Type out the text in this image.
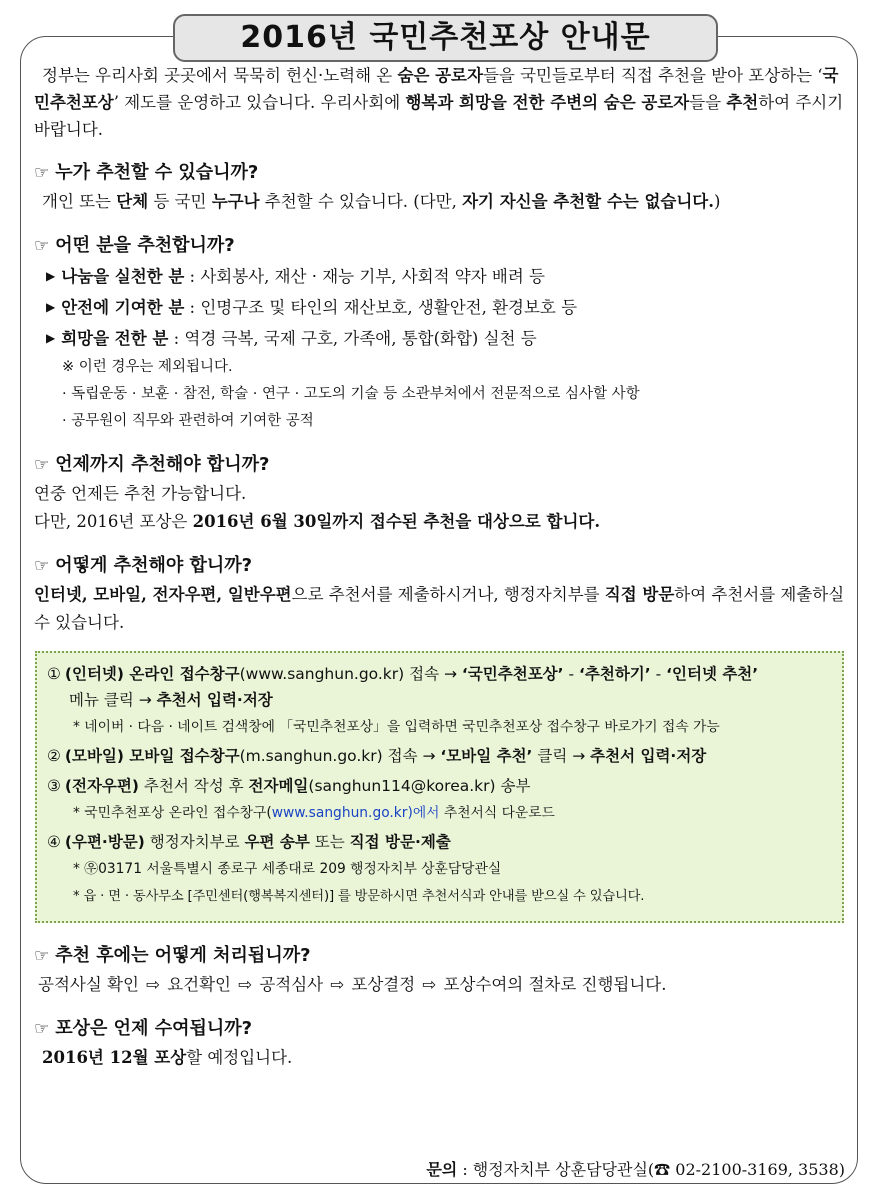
2016년 국민추천포상 안내문

정부는 우리사회 곳곳에서 묵묵히 헌신·노력해 온 숨은 공로자들을 국민들로부터 직접 추천을 받아 포상하는 ‘국민추천포상’ 제도를 운영하고 있습니다. 우리사회에 행복과 희망을 전한 주변의 숨은 공로자들을 추천하여 주시기 바랍니다.

☞ 누가 추천할 수 있습니까?

개인 또는 단체 등 국민 누구나 추천할 수 있습니다. (다만, 자기 자신을 추천할 수는 없습니다.)

☞ 어떤 분을 추천합니까?
▶ 나눔을 실천한 분 : 사회봉사, 재산 · 재능 기부, 사회적 약자 배려 등
▶ 안전에 기여한 분 : 인명구조 및 타인의 재산보호, 생활안전, 환경보호 등
▶ 희망을 전한 분 : 역경 극복, 국제 구호, 가족애, 통합(화합) 실천 등
※ 이런 경우는 제외됩니다.
· 독립운동 · 보훈 · 참전, 학술 · 연구 · 고도의 기술 등 소관부처에서 전문적으로 심사할 사항
· 공무원이 직무와 관련하여 기여한 공적
☞ 언제까지 추천해야 합니까?

연중 언제든 추천 가능합니다.

다만, 2016년 포상은 2016년 6월 30일까지 접수된 추천을 대상으로 합니다.

☞ 어떻게 추천해야 합니까?

인터넷, 모바일, 전자우편, 일반우편으로 추천서를 제출하시거나, 행정자치부를 직접 방문하여 추천서를 제출하실 수 있습니다.

① (인터넷) 온라인 접수창구(www.sanghun.go.kr) 접속 → ‘국민추천포상’ - ‘추천하기’ - ‘인터넷 추천’
메뉴 클릭 → 추천서 입력·저장
* 네이버 · 다음 · 네이트 검색창에 「국민추천포상」을 입력하면 국민추천포상 접수창구 바로가기 접속 가능
② (모바일) 모바일 접수창구(m.sanghun.go.kr) 접속 → ‘모바일 추천’ 클릭 → 추천서 입력·저장
③ (전자우편) 추천서 작성 후 전자메일(sanghun114@korea.kr) 송부
* 국민추천포상 온라인 접수창구(www.sanghun.go.kr)에서 추천서식 다운로드
④ (우편·방문) 행정자치부로 우편 송부 또는 직접 방문·제출
* ㉾03171 서울특별시 종로구 세종대로 209 행정자치부 상훈담당관실
* 읍 · 면 · 동사무소 [주민센터(행복복지센터)] 를 방문하시면 추천서식과 안내를 받으실 수 있습니다.
☞ 추천 후에는 어떻게 처리됩니까?

공적사실 확인 ⇨ 요건확인 ⇨ 공적심사 ⇨ 포상결정 ⇨ 포상수여의 절차로 진행됩니다.

☞ 포상은 언제 수여됩니까?

2016년 12월 포상할 예정입니다.

문의 : 행정자치부 상훈담당관실(☎ 02-2100-3169, 3538)
